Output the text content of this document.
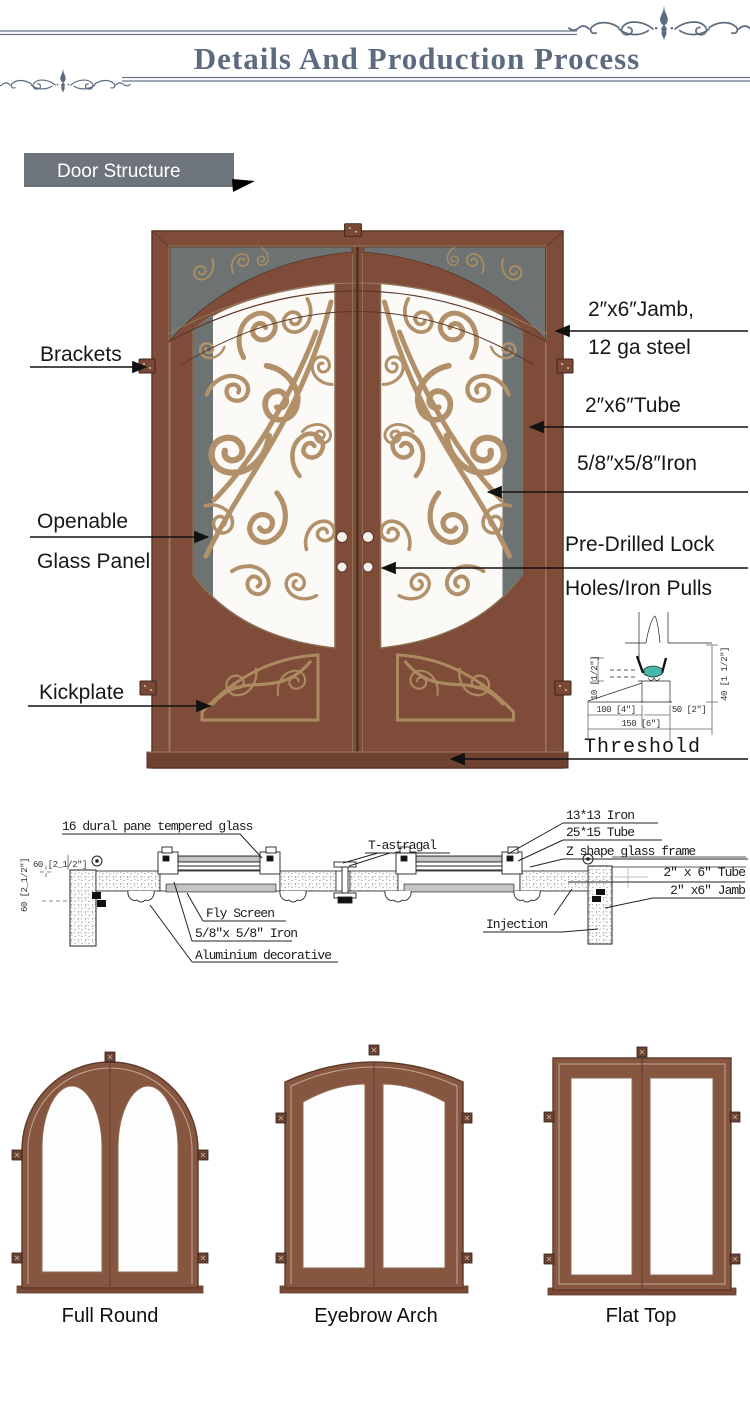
Details And Production Process
Door Structure
Brackets
Openable
Glass Panel
Kickplate
2″x6″Jamb,
12 ga steel
2″x6″Tube
5/8″x5/8″Iron
Pre-Drilled Lock
Holes/Iron Pulls
Threshold
100 [4"]	50 [2"]
150 [6"]
10 [1/2"]	40 [1 1/2"]
60 [2_1/2"]
60 [2_1/2"]
16 dural pane tempered glass
T-astragal
13*13 Iron
25*15 Tube
Z shape glass frame
2" x 6" Tube
2" x6" Jamb
Fly Screen
5/8"x 5/8" Iron
Aluminium decorative
Injection
Full Round	Eyebrow Arch	Flat Top
